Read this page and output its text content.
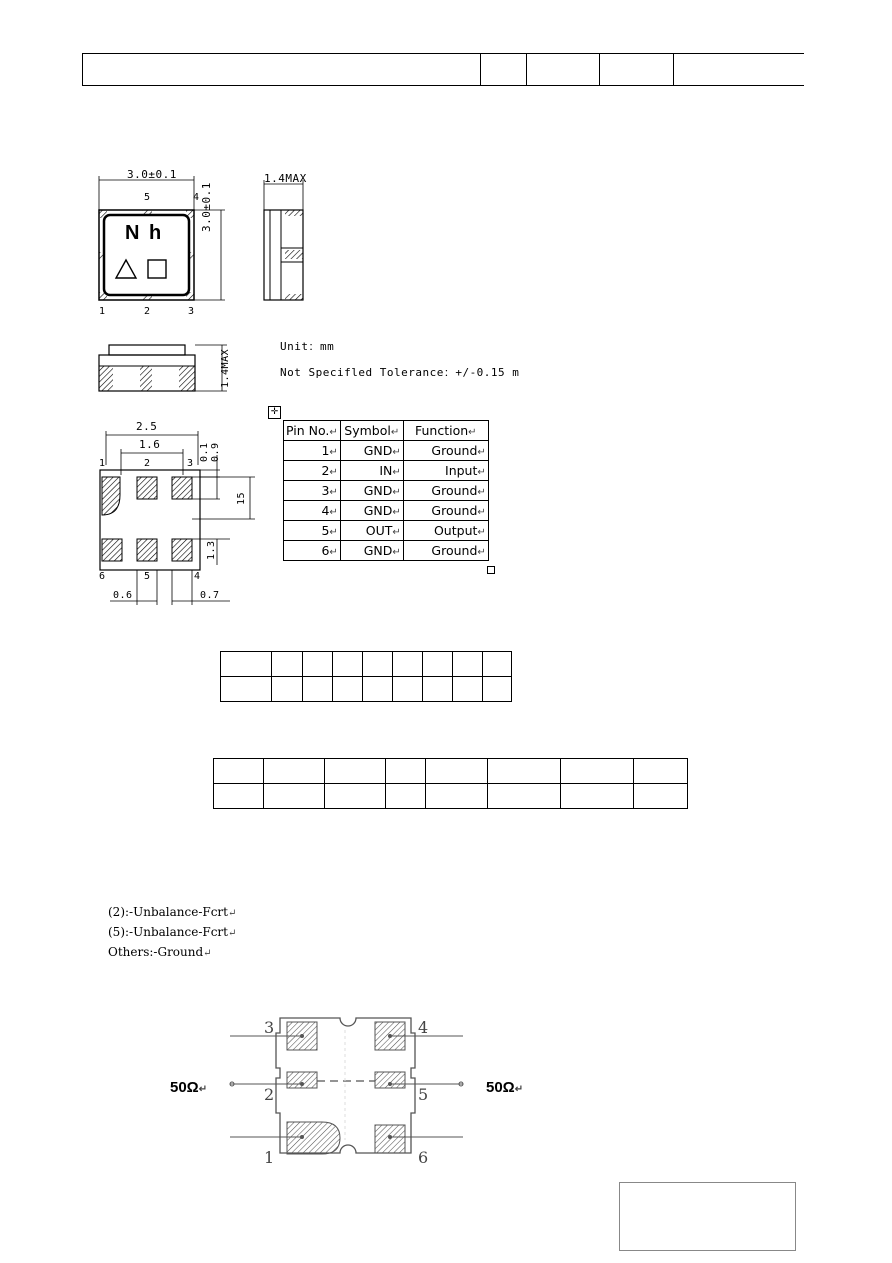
3.0±0.1
3.0±0.1
N h
5	4
1	2	3
1.4MAX
1.4MAX
Unit：mm
Not Specifled Tolerance：+/-0.15 m
2.5
1.6	0.1 0.9
15
1.3
0.6	0.7
1	2	3
6	5	4
✛
Pin No.↵	Symbol↵	Function↵
1↵	GND↵	Ground↵
2↵	IN↵	Input↵
3↵	GND↵	Ground↵
4↵	GND↵	Ground↵
5↵	OUT↵	Output↵
6↵	GND↵	Ground↵

(2):-Unbalance-Fcrt↵
(5):-Unbalance-Fcrt↵
Others:-Ground↵
3	4
2	5
1	6
50Ω↵	50Ω↵
